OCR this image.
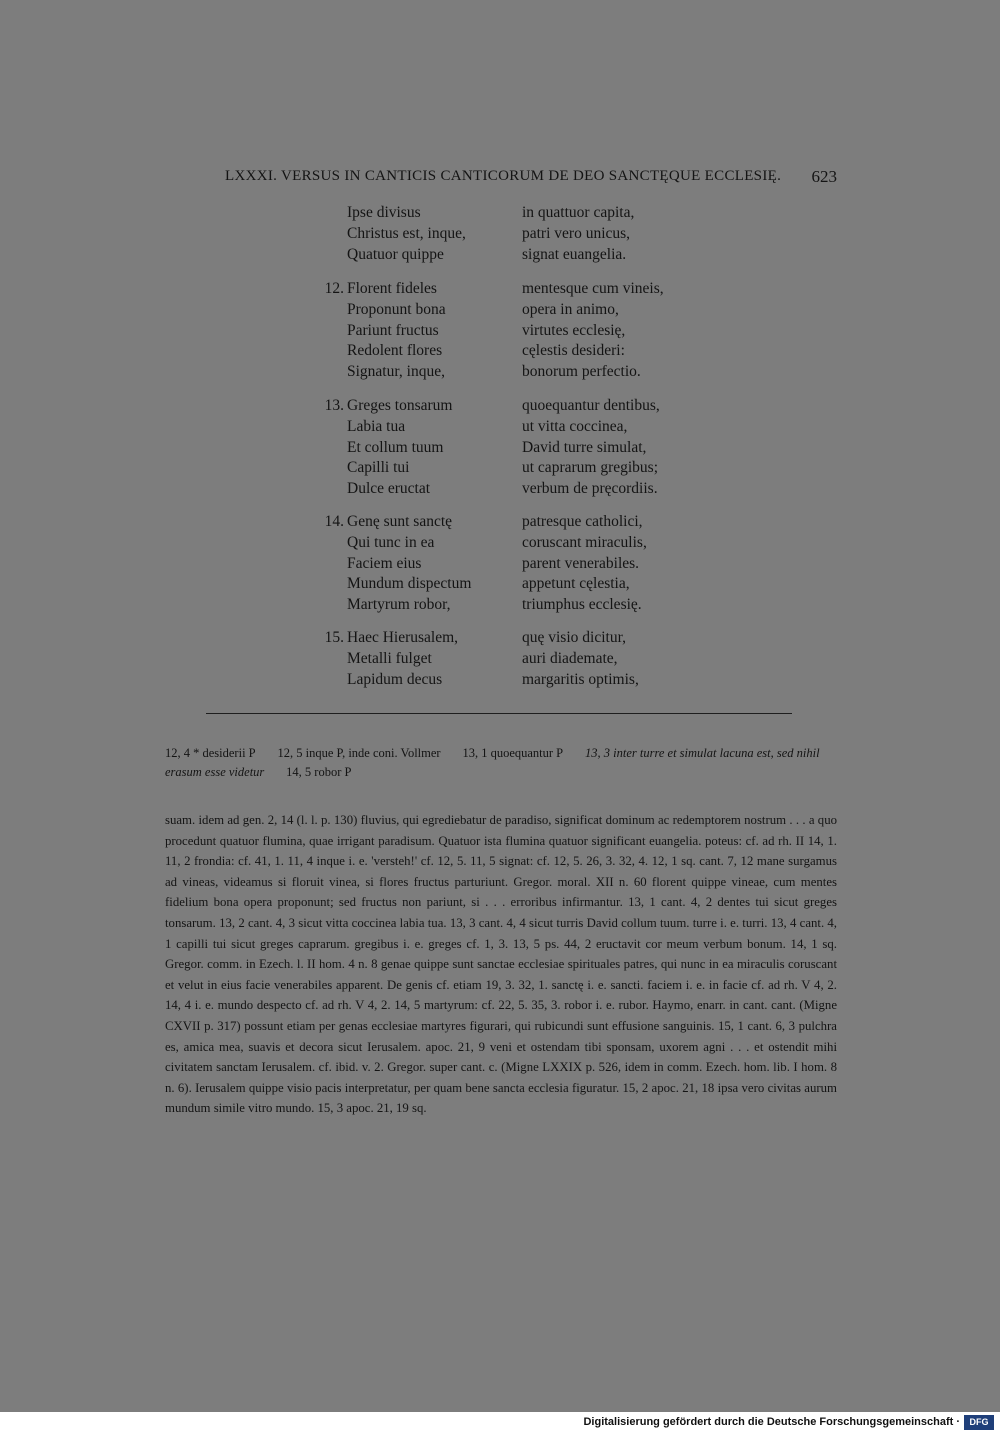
LXXXI. VERSUS IN CANTICIS CANTICORUM DE DEO SANCTĘQUE ECCLESIĘ. 623
Ipse divisus	in quattuor capita,
Christus est, inque,	patri vero unicus,
Quatuor quippe	signat euangelia.
12. Florent fideles	mentesque cum vineis,
Proponunt bona	opera in animo,
Pariunt fructus	virtutes ecclesię,
Redolent flores	cęlestis desideri:
Signatur, inque,	bonorum perfectio.
13. Greges tonsarum	quoequantur dentibus,
Labia tua	ut vitta coccinea,
Et collum tuum	David turre simulat,
Capilli tui	ut caprarum gregibus;
Dulce eructat	verbum de pręcordiis.
14. Genę sunt sanctę	patresque catholici,
Qui tunc in ea	coruscant miraculis,
Faciem eius	parent venerabiles.
Mundum dispectum	appetunt cęlestia,
Martyrum robor,	triumphus ecclesię.
15. Haec Hierusalem,	quę visio dicitur,
Metalli fulget	auri diademate,
Lapidum decus	margaritis optimis,
12, 4 * desiderii P 12, 5 inque P, inde coni. Vollmer 13, 1 quoequantur P 13, 3 inter turre et simulat lacuna est, sed nihil erasum esse videtur 14, 5 robor P
suam. idem ad gen. 2, 14 (l. l. p. 130) fluvius, qui egrediebatur de paradiso, significat dominum ac redemptorem nostrum . . . a quo procedunt quatuor flumina, quae irrigant paradisum. Quatuor ista flumina quatuor significant euangelia. poteus: cf. ad rh. II 14, 1. 11, 2 frondia: cf. 41, 1. 11, 4 inque i. e. 'versteh!' cf. 12, 5. 11, 5 signat: cf. 12, 5. 26, 3. 32, 4. 12, 1 sq. cant. 7, 12 mane surgamus ad vineas, videamus si floruit vinea, si flores fructus parturiunt. Gregor. moral. XII n. 60 florent quippe vineae, cum mentes fidelium bona opera proponunt; sed fructus non pariunt, si . . . erroribus infirmantur. 13, 1 cant. 4, 2 dentes tui sicut greges tonsarum. 13, 2 cant. 4, 3 sicut vitta coccinea labia tua. 13, 3 cant. 4, 4 sicut turris David collum tuum. turre i. e. turri. 13, 4 cant. 4, 1 capilli tui sicut greges caprarum. gregibus i. e. greges cf. 1, 3. 13, 5 ps. 44, 2 eructavit cor meum verbum bonum. 14, 1 sq. Gregor. comm. in Ezech. l. II hom. 4 n. 8 genae quippe sunt sanctae ecclesiae spirituales patres, qui nunc in ea miraculis coruscant et velut in eius facie venerabiles apparent. De genis cf. etiam 19, 3. 32, 1. sanctę i. e. sancti. faciem i. e. in facie cf. ad rh. V 4, 2. 14, 4 i. e. mundo despecto cf. ad rh. V 4, 2. 14, 5 martyrum: cf. 22, 5. 35, 3. robor i. e. rubor. Haymo, enarr. in cant. cant. (Migne CXVII p. 317) possunt etiam per genas ecclesiae martyres figurari, qui rubicundi sunt effusione sanguinis. 15, 1 cant. 6, 3 pulchra es, amica mea, suavis et decora sicut Ierusalem. apoc. 21, 9 veni et ostendam tibi sponsam, uxorem agni . . . et ostendit mihi civitatem sanctam Ierusalem. cf. ibid. v. 2. Gregor. super cant. c. (Migne LXXIX p. 526, idem in comm. Ezech. hom. lib. I hom. 8 n. 6). Ierusalem quippe visio pacis interpretatur, per quam bene sancta ecclesia figuratur. 15, 2 apoc. 21, 18 ipsa vero civitas aurum mundum simile vitro mundo. 15, 3 apoc. 21, 19 sq.
Digitalisierung gefördert durch die Deutsche Forschungsgemeinschaft ·	DFG
